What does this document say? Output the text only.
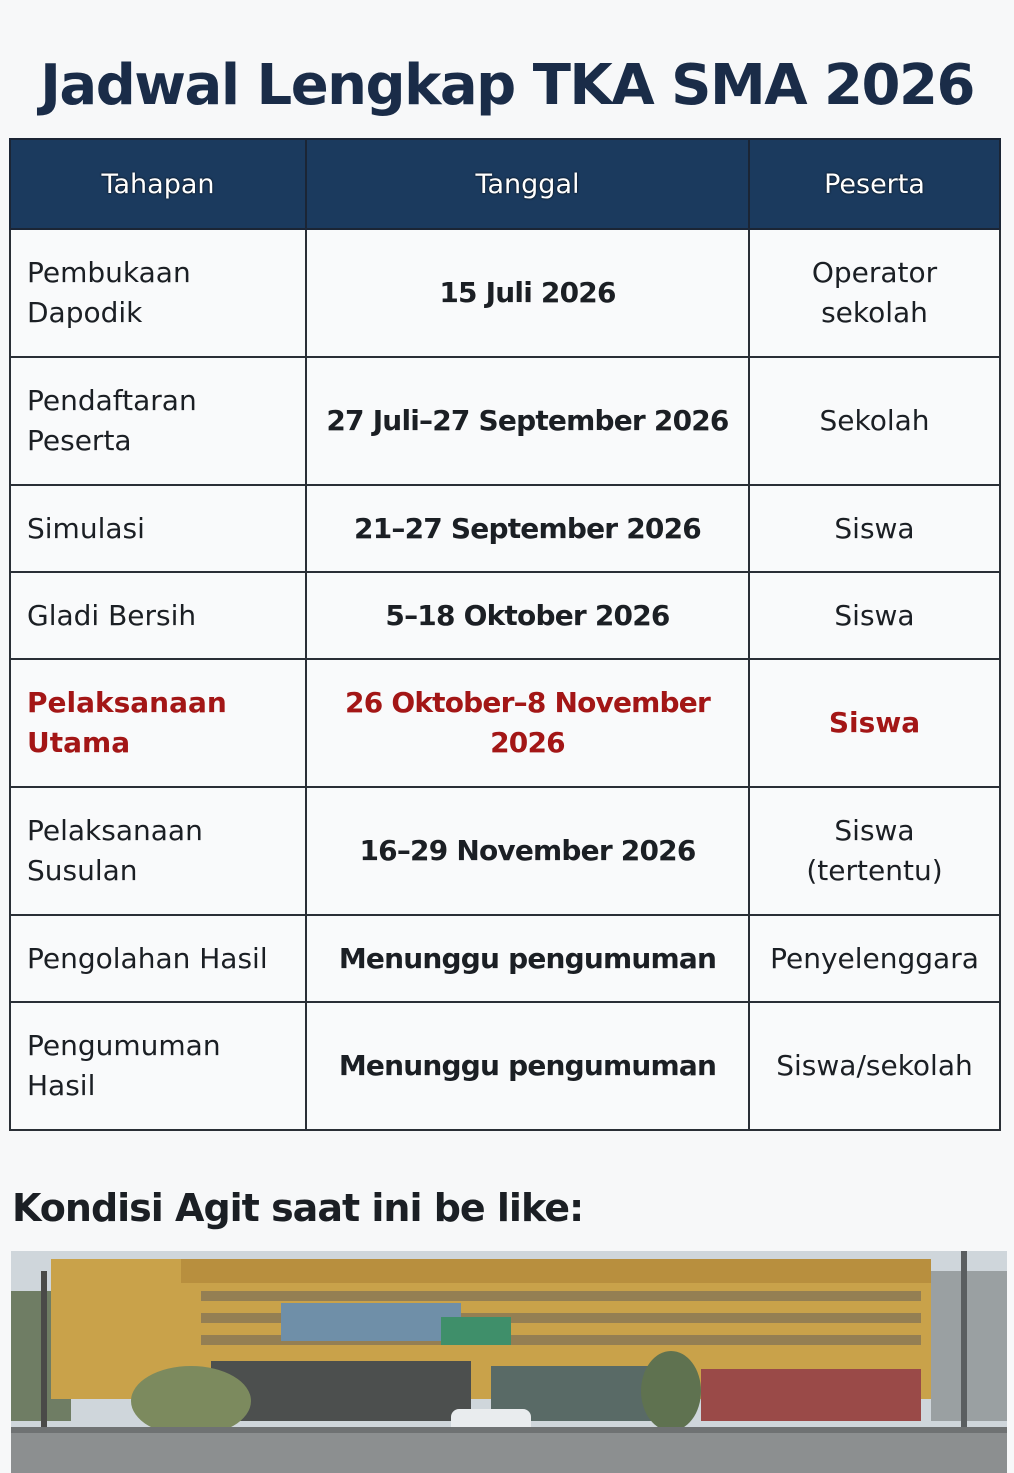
Jadwal Lengkap TKA SMA 2026
Tahapan	Tanggal	Peserta
Pembukaan Dapodik	15 Juli 2026	Operator sekolah
Pendaftaran Peserta	27 Juli–27 September 2026	Sekolah
Simulasi	21–27 September 2026	Siswa
Gladi Bersih	5–18 Oktober 2026	Siswa
Pelaksanaan Utama	26 Oktober–8 November 2026	Siswa
Pelaksanaan Susulan	16–29 November 2026	Siswa (tertentu)
Pengolahan Hasil	Menunggu pengumuman	Penyelenggara
Pengumuman Hasil	Menunggu pengumuman	Siswa/sekolah

Kondisi Agit saat ini be like:
